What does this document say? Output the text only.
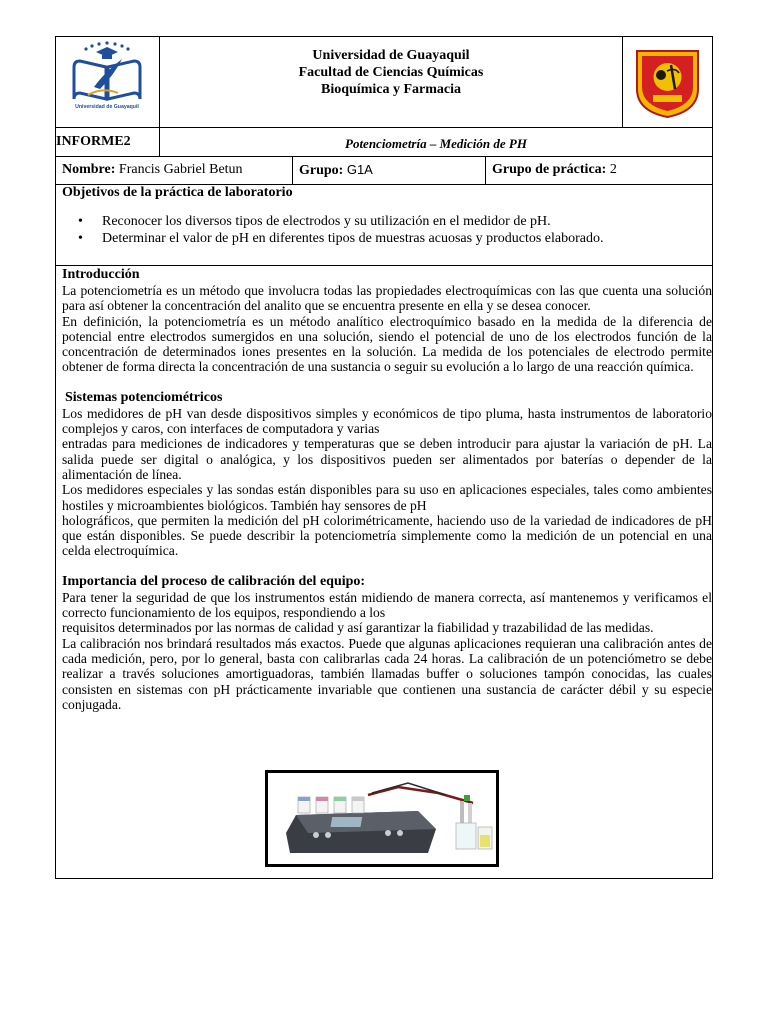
Universidad de Guayaquil
Universidad de Guayaquil
Facultad de Ciencias Químicas
Bioquímica y Farmacia
INFORME2	Potenciometría – Medición de PH
Nombre: Francis Gabriel Betun	Grupo: G1A	Grupo de práctica: 2
Objetivos de la práctica de laboratorio
• Reconocer los diversos tipos de electrodos y su utilización en el medidor de pH.
• Determinar el valor de pH en diferentes tipos de muestras acuosas y productos elaborado.
Introducción

La potenciometría es un método que involucra todas las propiedades electroquímicas con las que cuenta una solución para así obtener la concentración del analito que se encuentra presente en ella y se desea conocer.

En definición, la potenciometría es un método analítico electroquímico basado en la medida de la diferencia de potencial entre electrodos sumergidos en una solución, siendo el potencial de uno de los electrodos función de la concentración de determinados iones presentes en la solución. La medida de los potenciales de electrodo permite obtener de forma directa la concentración de una sustancia o seguir su evolución a lo largo de una reacción química.

Sistemas potenciométricos

Los medidores de pH van desde dispositivos simples y económicos de tipo pluma, hasta instrumentos de laboratorio complejos y caros, con interfaces de computadora y varias

entradas para mediciones de indicadores y temperaturas que se deben introducir para ajustar la variación de pH. La salida puede ser digital o analógica, y los dispositivos pueden ser alimentados por baterías o depender de la alimentación de línea.

Los medidores especiales y las sondas están disponibles para su uso en aplicaciones especiales, tales como ambientes hostiles y microambientes biológicos. También hay sensores de pH

holográficos, que permiten la medición del pH colorimétricamente, haciendo uso de la variedad de indicadores de pH que están disponibles. Se puede describir la potenciometría simplemente como la medición de un potencial en una celda electroquímica.

Importancia del proceso de calibración del equipo:

Para tener la seguridad de que los instrumentos están midiendo de manera correcta, así mantenemos y verificamos el correcto funcionamiento de los equipos, respondiendo a los

requisitos determinados por las normas de calidad y así garantizar la fiabilidad y trazabilidad de las medidas.

La calibración nos brindará resultados más exactos. Puede que algunas aplicaciones requieran una calibración antes de cada medición, pero, por lo general, basta con calibrarlas cada 24 horas. La calibración de un potenciómetro se debe realizar a través soluciones amortiguadoras, también llamadas buffer o soluciones tampón conocidas, las cuales consisten en sistemas con pH prácticamente invariable que contienen una sustancia de carácter débil y su especie conjugada.
